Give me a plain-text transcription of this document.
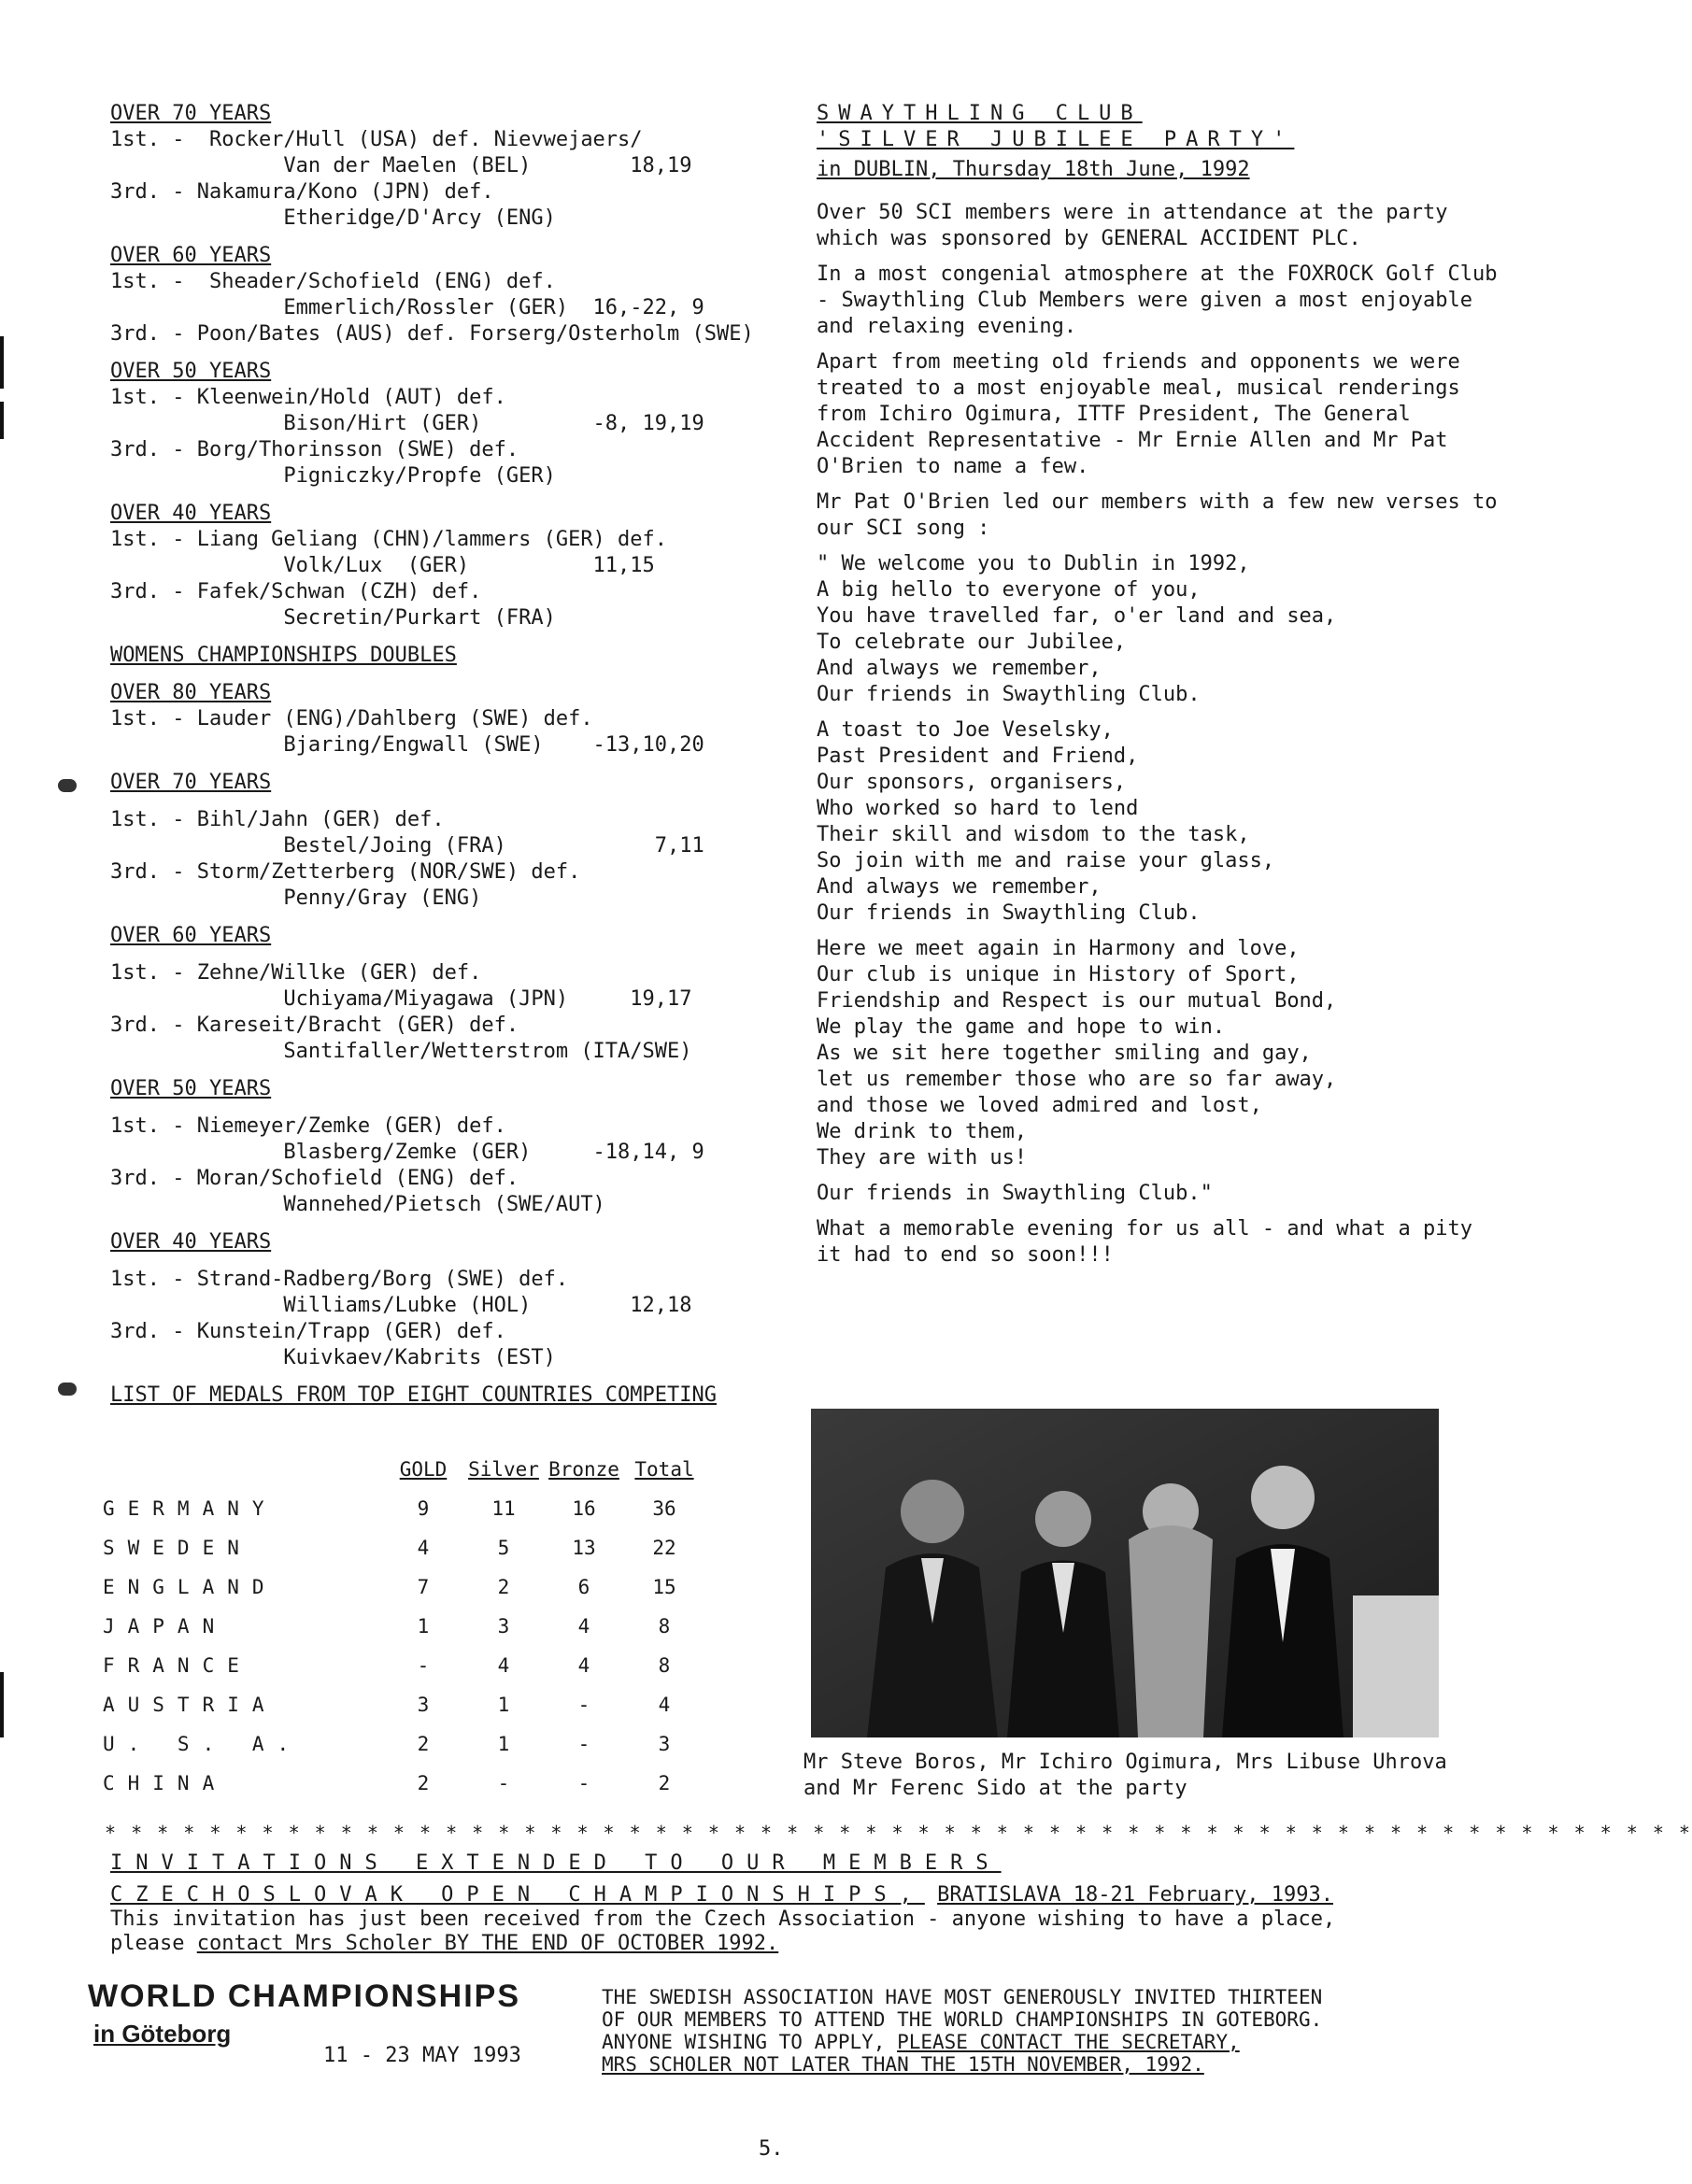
OVER 70 YEARS
1st. -  Rocker/Hull (USA) def. Nievwejaers/
Van der Maelen (BEL)        18,19
3rd. - Nakamura/Kono (JPN) def.
Etheridge/D'Arcy (ENG)
OVER 60 YEARS
1st. -  Sheader/Schofield (ENG) def.
Emmerlich/Rossler (GER)  16,-22, 9
3rd. - Poon/Bates (AUS) def. Forserg/Osterholm (SWE)
OVER 50 YEARS
1st. - Kleenwein/Hold (AUT) def.
Bison/Hirt (GER)         -8, 19,19
3rd. - Borg/Thorinsson (SWE) def.
Pigniczky/Propfe (GER)
OVER 40 YEARS
1st. - Liang Geliang (CHN)/lammers (GER) def.
Volk/Lux  (GER)          11,15
3rd. - Fafek/Schwan (CZH) def.
Secretin/Purkart (FRA)
WOMENS CHAMPIONSHIPS DOUBLES
OVER 80 YEARS
1st. - Lauder (ENG)/Dahlberg (SWE) def.
Bjaring/Engwall (SWE)    -13,10,20
OVER 70 YEARS
1st. - Bihl/Jahn (GER) def.
Bestel/Joing (FRA)            7,11
3rd. - Storm/Zetterberg (NOR/SWE) def.
Penny/Gray (ENG)
OVER 60 YEARS
1st. - Zehne/Willke (GER) def.
Uchiyama/Miyagawa (JPN)     19,17
3rd. - Kareseit/Bracht (GER) def.
Santifaller/Wetterstrom (ITA/SWE)
OVER 50 YEARS
1st. - Niemeyer/Zemke (GER) def.
Blasberg/Zemke (GER)     -18,14, 9
3rd. - Moran/Schofield (ENG) def.
Wannehed/Pietsch (SWE/AUT)
OVER 40 YEARS
1st. - Strand-Radberg/Borg (SWE) def.
Williams/Lubke (HOL)        12,18
3rd. - Kunstein/Trapp (GER) def.
Kuivkaev/Kabrits (EST)
LIST OF MEDALS FROM TOP EIGHT COUNTRIES COMPETING
	GOLD	Silver	Bronze	Total
GERMANY	9	11	16	36
SWEDEN	4	5	13	22
ENGLAND	7	2	6	15
JAPAN	1	3	4	8
FRANCE	-	4	4	8
AUSTRIA	3	1	-	4
U. S. A.	2	1	-	3
CHINA	2	-	-	2
SWAYTHLING CLUB
'SILVER JUBILEE PARTY'
in DUBLIN, Thursday 18th June, 1992
Over 50 SCI members were in attendance at the party which was sponsored by GENERAL ACCIDENT PLC.
In a most congenial atmosphere at the FOXROCK Golf Club - Swaythling Club Members were given a most enjoyable and relaxing evening.
Apart from meeting old friends and opponents we were treated to a most enjoyable meal, musical renderings from Ichiro Ogimura, ITTF President, The General Accident Representative - Mr Ernie Allen and Mr Pat O'Brien to name a few.
Mr Pat O'Brien led our members with a few new verses to our SCI song :
" We welcome you to Dublin in 1992,
A big hello to everyone of you,
You have travelled far, o'er land and sea,
To celebrate our Jubilee,
And always we remember,
Our friends in Swaythling Club.
A toast to Joe Veselsky,
Past President and Friend,
Our sponsors, organisers,
Who worked so hard to lend
Their skill and wisdom to the task,
So join with me and raise your glass,
And always we remember,
Our friends in Swaythling Club.
Here we meet again in Harmony and love,
Our club is unique in History of Sport,
Friendship and Respect is our mutual Bond,
We play the game and hope to win.
As we sit here together smiling and gay,
let us remember those who are so far away,
and those we loved admired and lost,
We drink to them,
They are with us!
Our friends in Swaythling Club."
What a memorable evening for us all - and what a pity it had to end so soon!!!
Mr Steve Boros, Mr Ichiro Ogimura, Mrs Libuse Uhrova and Mr Ferenc Sido at the party
* * * * * * * * * * * * * * * * * * * * * * * * * * * * * * * * * * * * * * * * * * * * * * * * * * * * * * * * * * * * *
INVITATIONS EXTENDED TO OUR MEMBERS
CZECHOSLOVAK OPEN CHAMPIONSHIPS, BRATISLAVA 18-21 February, 1993.
This invitation has just been received from the Czech Association - anyone wishing to have a place,
please contact Mrs Scholer BY THE END OF OCTOBER 1992.
WORLD CHAMPIONSHIPS
in Göteborg
11 - 23 MAY 1993
THE SWEDISH ASSOCIATION HAVE MOST GENEROUSLY INVITED THIRTEEN
OF OUR MEMBERS TO ATTEND THE WORLD CHAMPIONSHIPS IN GOTEBORG.
ANYONE WISHING TO APPLY, PLEASE CONTACT THE SECRETARY,
MRS SCHOLER NOT LATER THAN THE 15TH NOVEMBER, 1992.
5.
